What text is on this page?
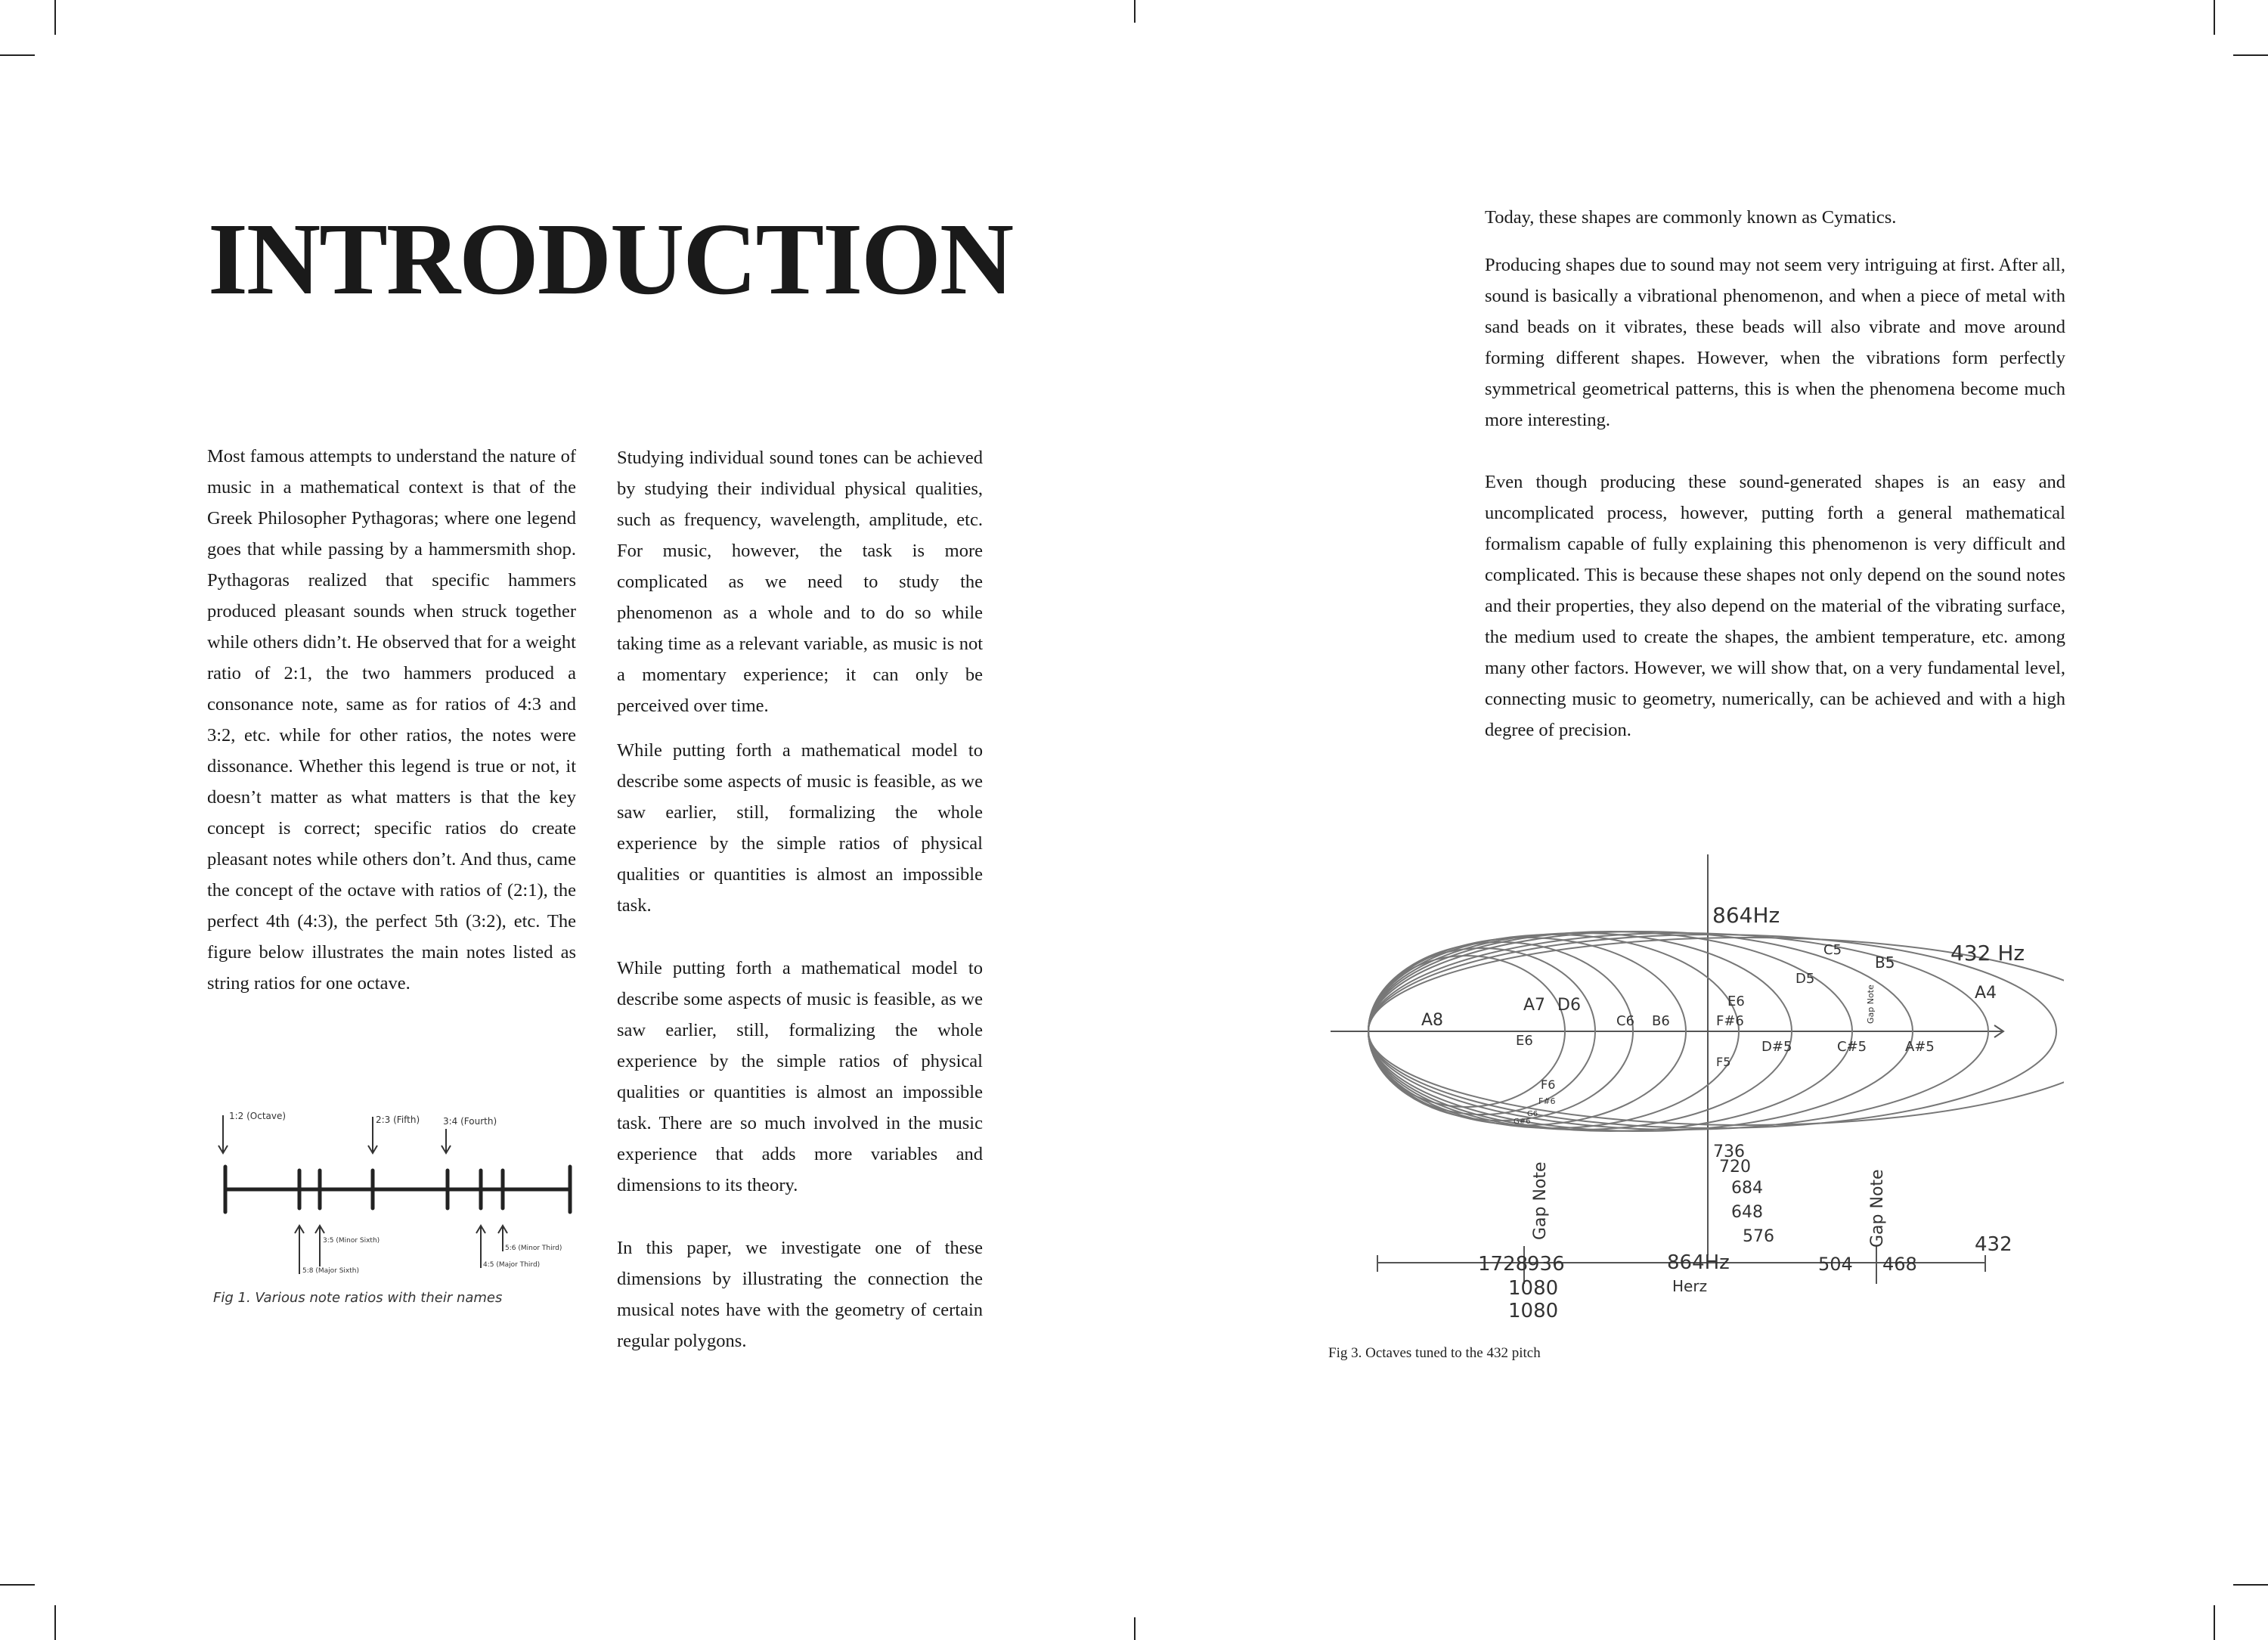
INTRODUCTION

Most famous attempts to understand the nature of music in a mathematical context is that of the Greek Philosopher Pythagoras; where one legend goes that while passing by a hammersmith shop. Pythagoras realized that specific hammers produced pleasant sounds when struck together while others didn’t. He observed that for a weight ratio of 2:1, the two hammers produced a consonance note, same as for ratios of 4:3 and 3:2, etc. while for other ratios, the notes were dissonance. Whether this legend is true or not, it doesn’t matter as what matters is that the key concept is correct; specific ratios do create pleasant notes while others don’t. And thus, came the concept of the octave with ratios of (2:1), the perfect 4th (4:3), the perfect 5th (3:2), etc. The figure below illustrates the main notes listed as string ratios for one octave.

Studying individual sound tones can be achieved by studying their individual physical qualities, such as frequency, wavelength, amplitude, etc. For music, however, the task is more complicated as we need to study the phenomenon as a whole and to do so while taking time as a relevant variable, as music is not a momentary experience; it can only be perceived over time.

While putting forth a mathematical model to describe some aspects of music is feasible, as we saw earlier, still, formalizing the whole experience by the simple ratios of physical qualities or quantities is almost an impossible task.

While putting forth a mathematical model to describe some aspects of music is feasible, as we saw earlier, still, formalizing the whole experience by the simple ratios of physical qualities or quantities is almost an impossible task. There are so much involved in the music experience that adds more variables and dimensions to its theory.

In this paper, we investigate one of these dimensions by illustrating the connection the musical notes have with the geometry of certain regular polygons.

Today, these shapes are commonly known as Cymatics.

Producing shapes due to sound may not seem very intriguing at first. After all, sound is basically a vibrational phenomenon, and when a piece of metal with sand beads on it vibrates, these beads will also vibrate and move around forming different shapes. However, when the vibrations form perfectly symmetrical geometrical patterns, this is when the phenomena become much more interesting.

Even though producing these sound-generated shapes is an easy and uncomplicated process, however, putting forth a general mathematical formalism capable of fully explaining this phenomenon is very difficult and complicated. This is because these shapes not only depend on the sound notes and their properties, they also depend on the material of the vibrating surface, the medium used to create the shapes, the ambient temperature, etc. among many other factors. However, we will show that, on a very fundamental level, connecting music to geometry, numerically, can be achieved and with a high degree of precision.

1:2 (Octave)	2:3 (Fifth)	3:4 (Fourth)
3:5 (Minor Sixth)
5:8 (Major Sixth)
5:6 (Minor Third)
4:5 (Major Third)
Fig 1. Various note ratios with their names
864Hz
432 Hz
A8
A7 D6
C6 B6
E6
F#6
E6
D5
C5
B5
A4
D#5	C#5	A#5
F5
F6
F#6
G6
G#6
Gap Note	Gap Note
Gap Note
736
720
684
648
576
1728
936
1080
1080
864Hz
Herz
504 468
432
Fig 3. Octaves tuned to the 432 pitch
